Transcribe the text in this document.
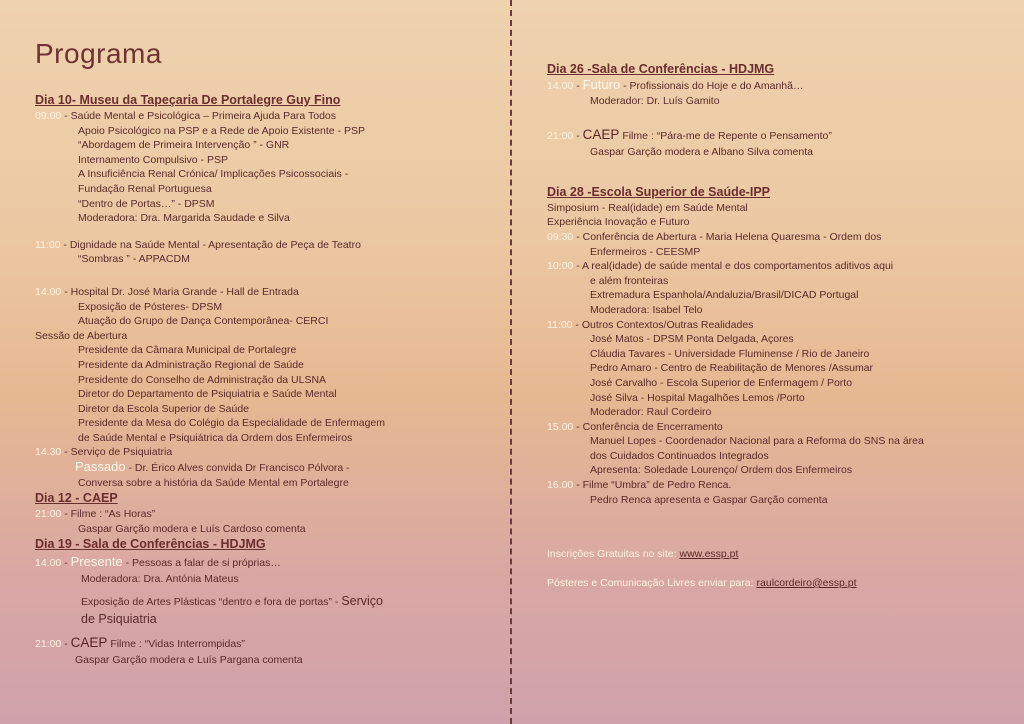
Programa
Dia 10- Museu da Tapeçaria De Portalegre Guy Fino
09:00 - Saúde Mental e Psicológica – Primeira Ajuda Para Todos
Apoio Psicológico na PSP e a Rede de Apoio Existente - PSP
“Abordagem de Primeira Intervenção ” - GNR
Internamento Compulsivo - PSP
A Insuficiência Renal Crónica/ Implicações Psicossociais -
Fundação Renal Portuguesa
“Dentro de Portas…” - DPSM
Moderadora: Dra. Margarida Saudade e Silva
11:00 - Dignidade na Saúde Mental - Apresentação de Peça de Teatro
“Sombras ” - APPACDM
14.00 - Hospital Dr. José Maria Grande - Hall de Entrada
Exposição de Pósteres- DPSM
Atuação do Grupo de Dança Contemporânea- CERCI
Sessão de Abertura
Presidente da Câmara Municipal de Portalegre
Presidente da Administração Regional de Saúde
Presidente do Conselho de Administração da ULSNA
Diretor do Departamento de Psiquiatria e Saúde Mental
Diretor da Escola Superior de Saúde
Presidente da Mesa do Colégio da Especialidade de Enfermagem
de Saúde Mental e Psiquiátrica da Ordem dos Enfermeiros
14.30 - Serviço de Psiquiatria
Passado - Dr. Érico Alves convida Dr Francisco Pólvora -
Conversa sobre a história da Saúde Mental em Portalegre
Dia 12 - CAEP
21:00 - Filme : “As Horas”
Gaspar Garção modera e Luís Cardoso comenta
Dia 19 - Sala de Conferências - HDJMG
14.00 - Presente - Pessoas a falar de si próprias…
Moderadora: Dra. Antónia Mateus
Exposição de Artes Plásticas “dentro e fora de portas” - Serviço
de Psiquiatria
21:00 - CAEP Filme : “Vidas Interrompidas”
Gaspar Garção modera e Luís Pargana comenta
Dia 26 -Sala de Conferências - HDJMG
14.00 - Futuro - Profissionais do Hoje e do Amanhã…
Moderador: Dr. Luís Gamito
21:00 - CAEP Filme : “Pára-me de Repente o Pensamento”
Gaspar Garção modera e Albano Silva comenta
Dia 28 -Escola Superior de Saúde-IPP
Simposium - Real(idade) em Saúde Mental
Experiência Inovação e Futuro
09:30 - Conferência de Abertura - Maria Helena Quaresma - Ordem dos
Enfermeiros - CEESMP
10:00 - A real(idade) de saúde mental e dos comportamentos aditivos aqui
e além fronteiras
Extremadura Espanhola/Andaluzia/Brasil/DICAD Portugal
Moderadora: Isabel Telo
11:00 - Outros Contextos/Outras Realidades
José Matos - DPSM Ponta Delgada, Açores
Cláudia Tavares - Universidade Fluminense / Rio de Janeiro
Pedro Amaro - Centro de Reabilitação de Menores /Assumar
José Carvalho - Escola Superior de Enfermagem / Porto
José Silva - Hospital Magalhões Lemos /Porto
Moderador: Raul Cordeiro
15.00 - Conferência de Encerramento
Manuel Lopes - Coordenador Nacional para a Reforma do SNS na área
dos Cuidados Continuados Integrados
Apresenta: Soledade Lourenço/ Ordem dos Enfermeiros
16.00 - Filme “Umbra” de Pedro Renca.
Pedro Renca apresenta e Gaspar Garção comenta
Inscrições Gratuitas no site: www.essp.pt
Pósteres e Comunicação Livres enviar para: raulcordeiro@essp.pt
